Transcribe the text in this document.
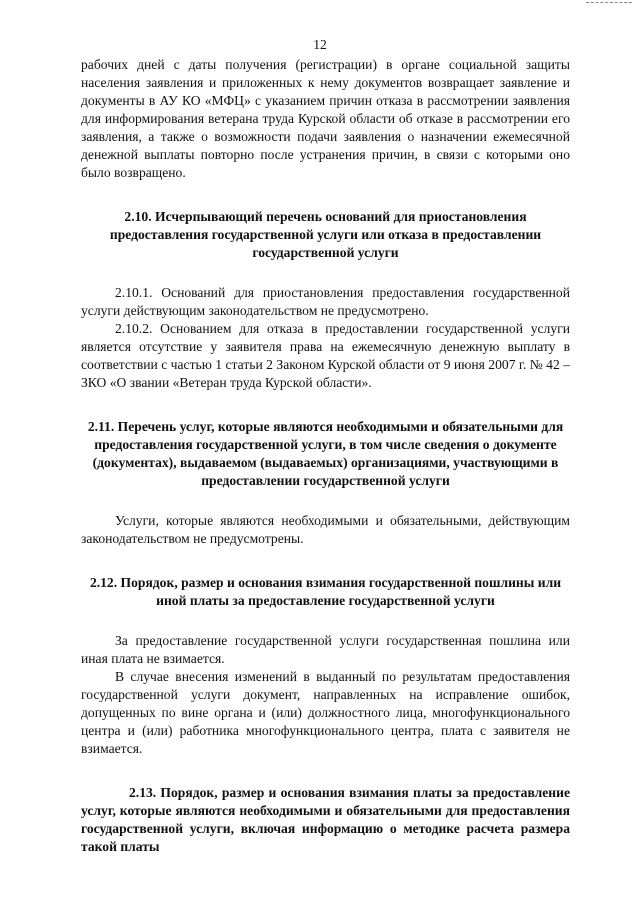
12

рабочих дней с даты получения (регистрации) в органе социальной защиты населения заявления и приложенных к нему документов возвращает заявление и документы в АУ КО «МФЦ» с указанием причин отказа в рассмотрении заявления для информирования ветерана труда Курской области об отказе в рассмотрении его заявления, а также о возможности подачи заявления о назначении ежемесячной денежной выплаты повторно после устранения причин, в связи с которыми оно было возвращено.

2.10. Исчерпывающий перечень оснований для приостановления предоставления государственной услуги или отказа в предоставлении государственной услуги

2.10.1. Оснований для приостановления предоставления государственной услуги действующим законодательством не предусмотрено.

2.10.2. Основанием для отказа в предоставлении государственной услуги является отсутствие у заявителя права на ежемесячную денежную выплату в соответствии с частью 1 статьи 2 Законом Курской области от 9 июня 2007 г. № 42 – ЗКО «О звании «Ветеран труда Курской области».

2.11. Перечень услуг, которые являются необходимыми и обязательными для предоставления государственной услуги, в том числе сведения о документе (документах), выдаваемом (выдаваемых) организациями, участвующими в предоставлении государственной услуги

Услуги, которые являются необходимыми и обязательными, действующим законодательством не предусмотрены.

2.12. Порядок, размер и основания взимания государственной пошлины или иной платы за предоставление государственной услуги

За предоставление государственной услуги государственная пошлина или иная плата не взимается.

В случае внесения изменений в выданный по результатам предоставления государственной услуги документ, направленных на исправление ошибок, допущенных по вине органа и (или) должностного лица, многофункционального центра и (или) работника многофункционального центра, плата с заявителя не взимается.

2.13. Порядок, размер и основания взимания платы за предоставление услуг, которые являются необходимыми и обязательными для предоставления государственной услуги, включая информацию о методике расчета размера такой платы
